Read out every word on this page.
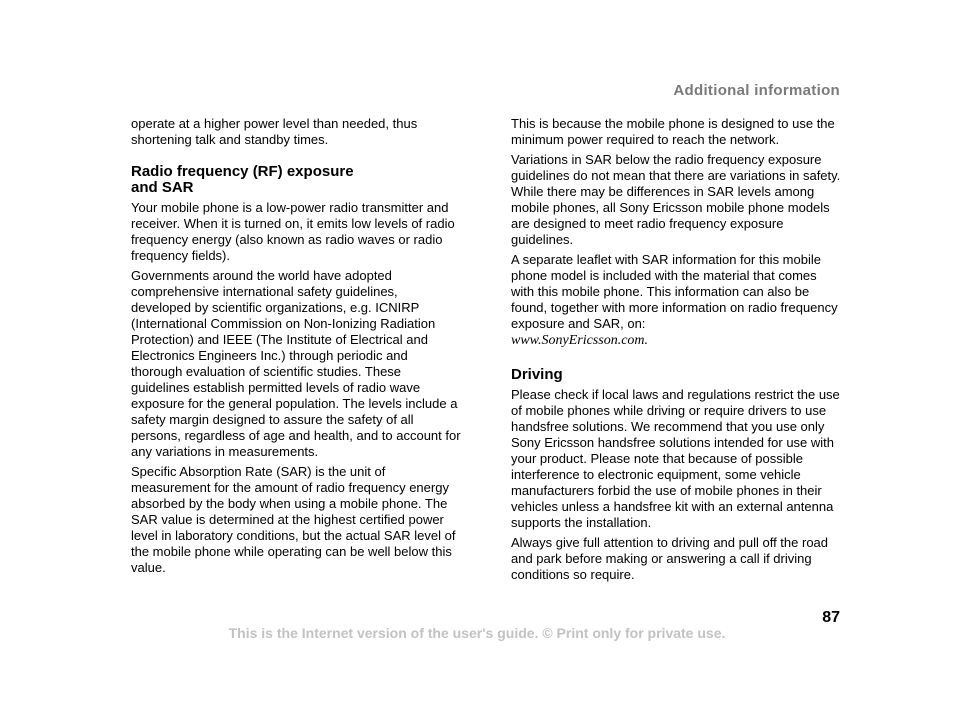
Additional information

operate at a higher power level than needed, thus shortening talk and standby times.

Radio frequency (RF) exposure
and SAR

Your mobile phone is a low-power radio transmitter and receiver. When it is turned on, it emits low levels of radio frequency energy (also known as radio waves or radio frequency fields).

Governments around the world have adopted comprehensive international safety guidelines, developed by scientific organizations, e.g. ICNIRP (International Commission on Non-Ionizing Radiation Protection) and IEEE (The Institute of Electrical and Electronics Engineers Inc.) through periodic and thorough evaluation of scientific studies. These guidelines establish permitted levels of radio wave exposure for the general population. The levels include a safety margin designed to assure the safety of all persons, regardless of age and health, and to account for any variations in measurements.

Specific Absorption Rate (SAR) is the unit of measurement for the amount of radio frequency energy absorbed by the body when using a mobile phone. The SAR value is determined at the highest certified power level in laboratory conditions, but the actual SAR level of the mobile phone while operating can be well below this value.

This is because the mobile phone is designed to use the minimum power required to reach the network.

Variations in SAR below the radio frequency exposure guidelines do not mean that there are variations in safety. While there may be differences in SAR levels among mobile phones, all Sony Ericsson mobile phone models are designed to meet radio frequency exposure guidelines.

A separate leaflet with SAR information for this mobile phone model is included with the material that comes with this mobile phone. This information can also be found, together with more information on radio frequency exposure and SAR, on:
www.SonyEricsson.com.

Driving

Please check if local laws and regulations restrict the use of mobile phones while driving or require drivers to use handsfree solutions. We recommend that you use only Sony Ericsson handsfree solutions intended for use with your product. Please note that because of possible interference to electronic equipment, some vehicle manufacturers forbid the use of mobile phones in their vehicles unless a handsfree kit with an external antenna supports the installation.

Always give full attention to driving and pull off the road and park before making or answering a call if driving conditions so require.

87
This is the Internet version of the user's guide. © Print only for private use.
